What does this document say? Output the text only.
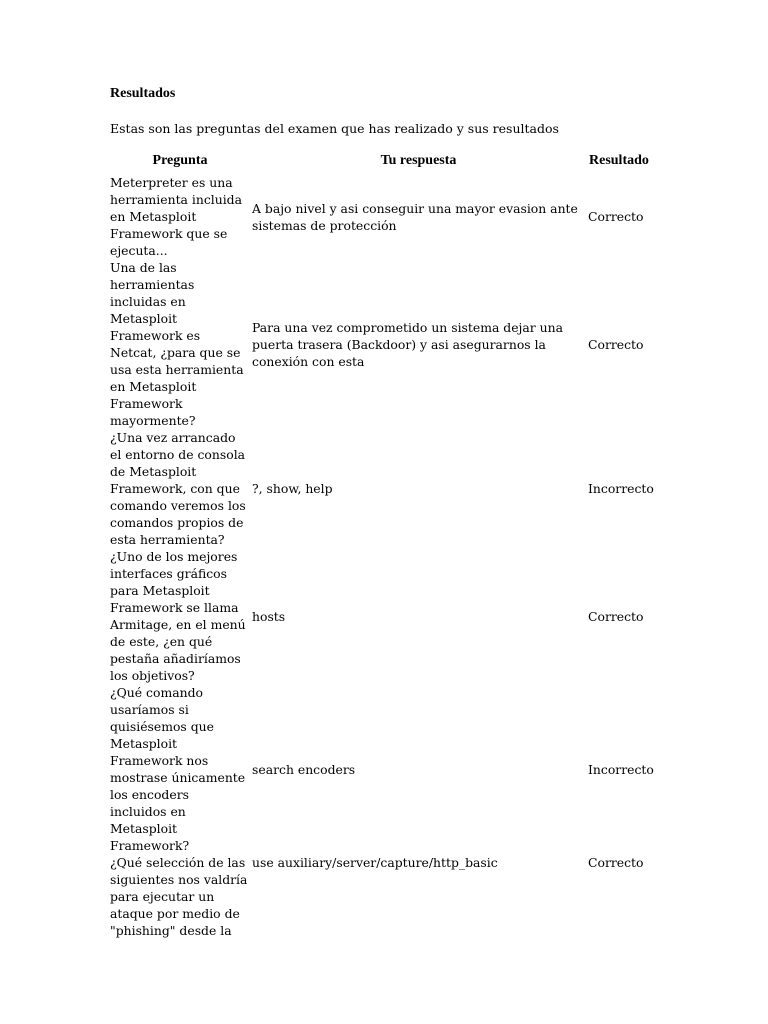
Resultados

Estas son las preguntas del examen que has realizado y sus resultados

Pregunta	Tu respuesta	Resultado
Meterpreter es una herramienta incluida en Metasploit Framework que se ejecuta...	A bajo nivel y asi conseguir una mayor evasion ante sistemas de protección	Correcto
Una de las herramientas incluidas en Metasploit Framework es Netcat, ¿para que se usa esta herramienta en Metasploit Framework mayormente?	Para una vez comprometido un sistema dejar una puerta trasera (Backdoor) y asi asegurarnos la conexión con esta	Correcto
¿Una vez arrancado el entorno de consola de Metasploit Framework, con que comando veremos los comandos propios de esta herramienta?	?, show, help	Incorrecto
¿Uno de los mejores interfaces gráficos para Metasploit Framework se llama Armitage, en el menú de este, ¿en qué pestaña añadiríamos los objetivos?	hosts	Correcto
¿Qué comando usaríamos si quisiésemos que Metasploit Framework nos mostrase únicamente los encoders incluidos en Metasploit Framework?	search encoders	Incorrecto
¿Qué selección de las siguientes nos valdría para ejecutar un ataque por medio de "phishing" desde la	use auxiliary/server/capture/http_basic	Correcto
